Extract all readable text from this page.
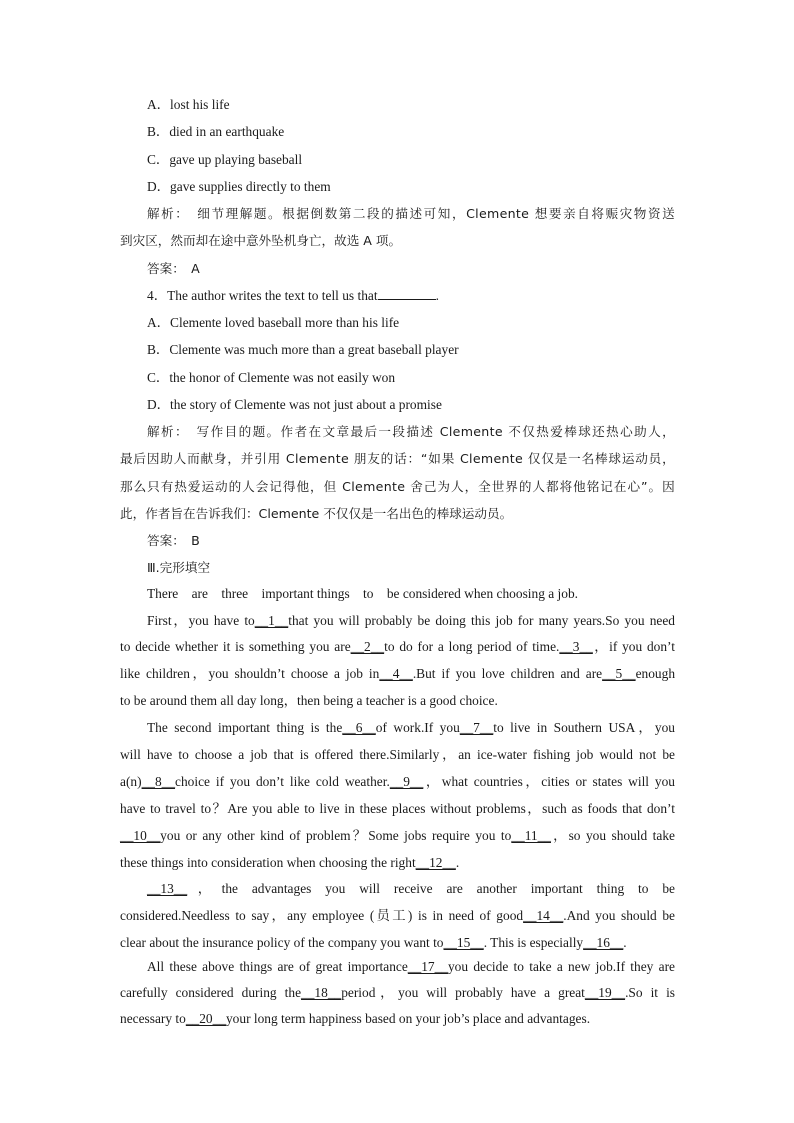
A．lost his life
B．died in an earthquake
C．gave up playing baseball
D．gave supplies directly to them
解析：　细节理解题。根据倒数第二段的描述可知，Clemente 想要亲自将赈灾物资送
到灾区，然而却在途中意外坠机身亡，故选 A 项。
答案：　A
4．The author writes the text to tell us that	.
A．Clemente loved baseball more than his life
B．Clemente was much more than a great baseball player
C．the honor of Clemente was not easily won
D．the story of Clemente was not just about a promise
解析：　写作目的题。作者在文章最后一段描述 Clemente 不仅热爱棒球还热心助人，
最后因助人而献身，并引用 Clemente 朋友的话：“如果 Clemente 仅仅是一名棒球运动员，
那么只有热爱运动的人会记得他，但 Clemente 舍己为人，全世界的人都将他铭记在心”。因
此，作者旨在告诉我们：Clemente 不仅仅是一名出色的棒球运动员。
答案：　B
Ⅲ.完形填空
There　are　three　important things　to　be considered when choosing a job.
First，you have to__1__that you will probably be doing this job for many years.So you need
to decide whether it is something you are__2__to do for a long period of time.__3__，if you don’t
like children，you shouldn’t choose a job in__4__.But if you love children and are__5__enough
to be around them all day long，then being a teacher is a good choice.
The second important thing is the__6__of work.If you__7__to live in Southern USA，you
will have to choose a job that is offered there.Similarly，an ice-water fishing job would not be
a(n)__8__choice if you don’t like cold weather.__9__，what countries，cities or states will you
have to travel to？Are you able to live in these places without problems，such as foods that don’t
__10__you or any other kind of problem？Some jobs require you to__11__，so you should take
these things into consideration when choosing the right__12__.
__13__，the advantages you will receive are another important thing to be
considered.Needless to say，any employee (员工) is in need of good__14__.And you should be
clear about the insurance policy of the company you want to__15__. This is especially__16__.
All these above things are of great importance__17__you decide to take a new job.If they are
carefully considered during the__18__period，you will probably have a great__19__.So it is
necessary to__20__your long term happiness based on your job’s place and advantages.
